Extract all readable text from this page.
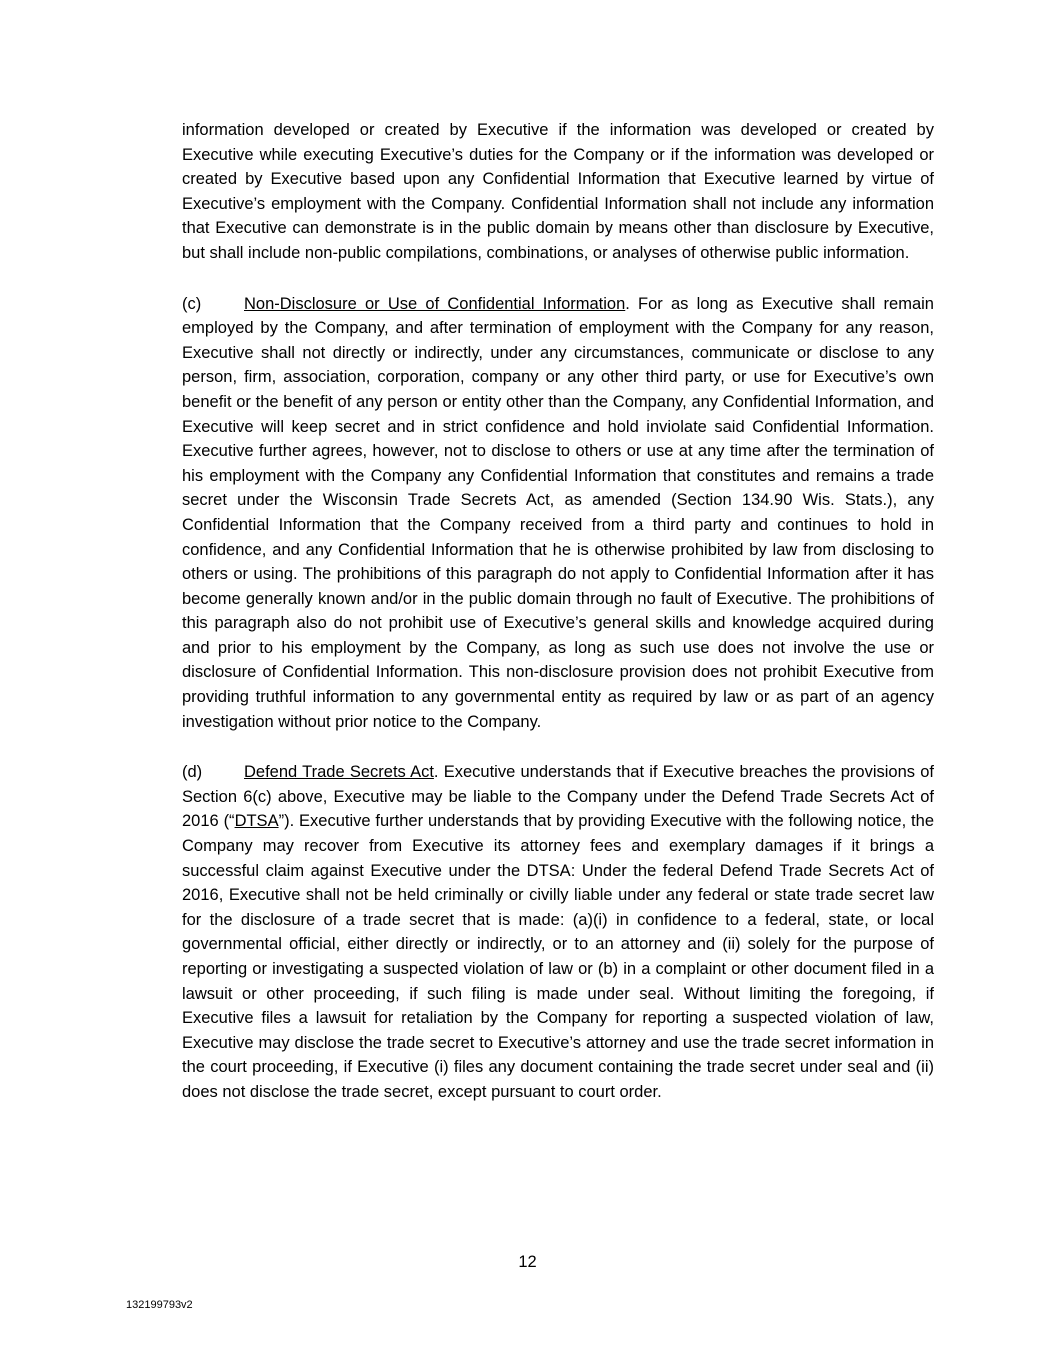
information developed or created by Executive if the information was developed or created by Executive while executing Executive’s duties for the Company or if the information was developed or created by Executive based upon any Confidential Information that Executive learned by virtue of Executive’s employment with the Company. Confidential Information shall not include any information that Executive can demonstrate is in the public domain by means other than disclosure by Executive, but shall include non-public compilations, combinations, or analyses of otherwise public information.

(c)	Non-Disclosure or Use of Confidential Information. For as long as Executive shall remain employed by the Company, and after termination of employment with the Company for any reason, Executive shall not directly or indirectly, under any circumstances, communicate or disclose to any person, firm, association, corporation, company or any other third party, or use for Executive’s own benefit or the benefit of any person or entity other than the Company, any Confidential Information, and Executive will keep secret and in strict confidence and hold inviolate said Confidential Information. Executive further agrees, however, not to disclose to others or use at any time after the termination of his employment with the Company any Confidential Information that constitutes and remains a trade secret under the Wisconsin Trade Secrets Act, as amended (Section 134.90 Wis. Stats.), any Confidential Information that the Company received from a third party and continues to hold in confidence, and any Confidential Information that he is otherwise prohibited by law from disclosing to others or using. The prohibitions of this paragraph do not apply to Confidential Information after it has become generally known and/or in the public domain through no fault of Executive. The prohibitions of this paragraph also do not prohibit use of Executive’s general skills and knowledge acquired during and prior to his employment by the Company, as long as such use does not involve the use or disclosure of Confidential Information. This non-disclosure provision does not prohibit Executive from providing truthful information to any governmental entity as required by law or as part of an agency investigation without prior notice to the Company.

(d)	Defend Trade Secrets Act. Executive understands that if Executive breaches the provisions of Section 6(c) above, Executive may be liable to the Company under the Defend Trade Secrets Act of 2016 (“DTSA”). Executive further understands that by providing Executive with the following notice, the Company may recover from Executive its attorney fees and exemplary damages if it brings a successful claim against Executive under the DTSA: Under the federal Defend Trade Secrets Act of 2016, Executive shall not be held criminally or civilly liable under any federal or state trade secret law for the disclosure of a trade secret that is made: (a)(i) in confidence to a federal, state, or local governmental official, either directly or indirectly, or to an attorney and (ii) solely for the purpose of reporting or investigating a suspected violation of law or (b) in a complaint or other document filed in a lawsuit or other proceeding, if such filing is made under seal. Without limiting the foregoing, if Executive files a lawsuit for retaliation by the Company for reporting a suspected violation of law, Executive may disclose the trade secret to Executive’s attorney and use the trade secret information in the court proceeding, if Executive (i) files any document containing the trade secret under seal and (ii) does not disclose the trade secret, except pursuant to court order.

12
132199793v2
